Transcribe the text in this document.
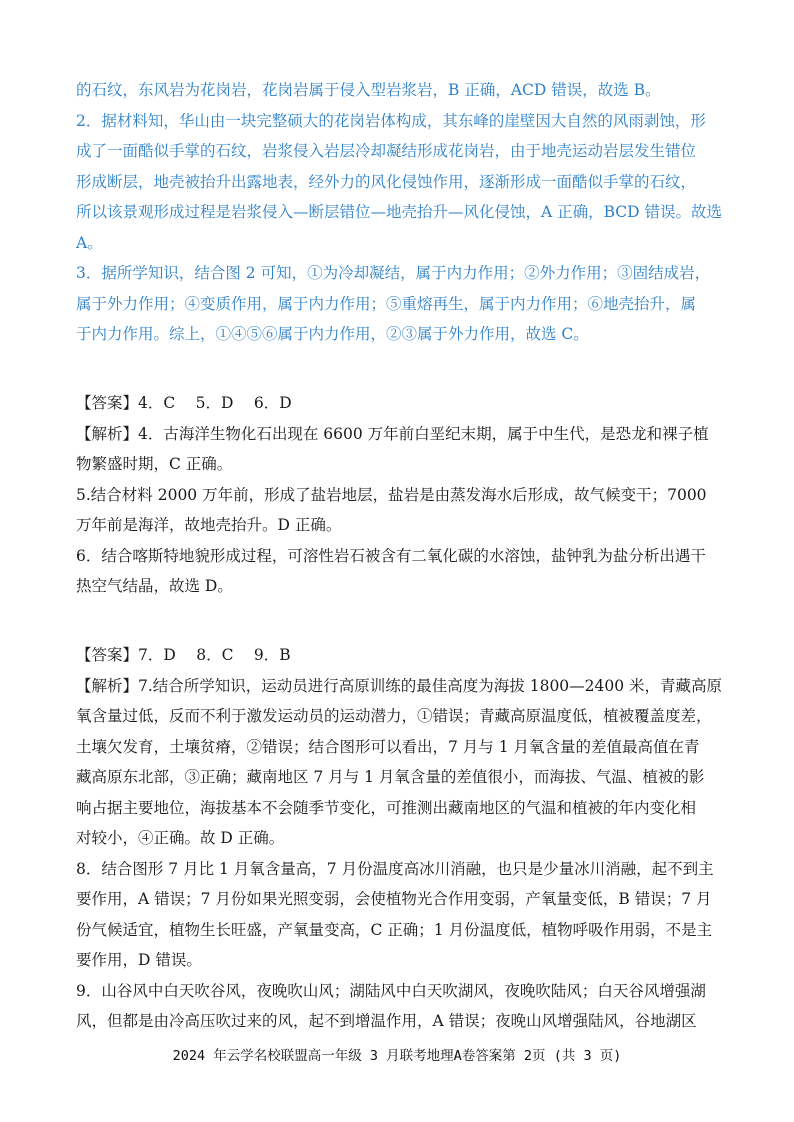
的石纹，东风岩为花岗岩，花岗岩属于侵入型岩浆岩，B 正确，ACD 错误，故选 B。
2．据材料知，华山由一块完整硕大的花岗岩体构成，其东峰的崖壁因大自然的风雨剥蚀，形
成了一面酷似手掌的石纹，岩浆侵入岩层冷却凝结形成花岗岩，由于地壳运动岩层发生错位
形成断层，地壳被抬升出露地表，经外力的风化侵蚀作用，逐渐形成一面酷似手掌的石纹，
所以该景观形成过程是岩浆侵入—断层错位—地壳抬升—风化侵蚀，A 正确，BCD 错误。故选
A。
3．据所学知识，结合图 2 可知，①为冷却凝结，属于内力作用；②外力作用；③固结成岩，
属于外力作用；④变质作用，属于内力作用；⑤重熔再生，属于内力作用；⑥地壳抬升，属
于内力作用。综上，①④⑤⑥属于内力作用，②③属于外力作用，故选 C。
【答案】4．C　 5．D　 6．D
【解析】4．古海洋生物化石出现在 6600 万年前白垩纪末期，属于中生代，是恐龙和裸子植
物繁盛时期，C 正确。
5.结合材料 2000 万年前，形成了盐岩地层，盐岩是由蒸发海水后形成，故气候变干；7000
万年前是海洋，故地壳抬升。D 正确。
6．结合喀斯特地貌形成过程，可溶性岩石被含有二氧化碳的水溶蚀，盐钟乳为盐分析出遇干
热空气结晶，故选 D。
【答案】7．D　 8．C　 9．B
【解析】7.结合所学知识，运动员进行高原训练的最佳高度为海拔 1800—2400 米，青藏高原
氧含量过低，反而不利于激发运动员的运动潜力，①错误；青藏高原温度低，植被覆盖度差，
土壤欠发育，土壤贫瘠，②错误；结合图形可以看出，7 月与 1 月氧含量的差值最高值在青
藏高原东北部，③正确；藏南地区 7 月与 1 月氧含量的差值很小，而海拔、气温、植被的影
响占据主要地位，海拔基本不会随季节变化，可推测出藏南地区的气温和植被的年内变化相
对较小，④正确。故 D 正确。
8．结合图形 7 月比 1 月氧含量高，7 月份温度高冰川消融，也只是少量冰川消融，起不到主
要作用，A 错误；7 月份如果光照变弱，会使植物光合作用变弱，产氧量变低，B 错误；7 月
份气候适宜，植物生长旺盛，产氧量变高，C 正确；1 月份温度低，植物呼吸作用弱，不是主
要作用，D 错误。
9．山谷风中白天吹谷风，夜晚吹山风；湖陆风中白天吹湖风，夜晚吹陆风；白天谷风增强湖
风，但都是由冷高压吹过来的风，起不到增温作用，A 错误；夜晚山风增强陆风，谷地湖区
2024 年云学名校联盟高一年级 3 月联考地理A卷答案第 2页 (共 3 页)
